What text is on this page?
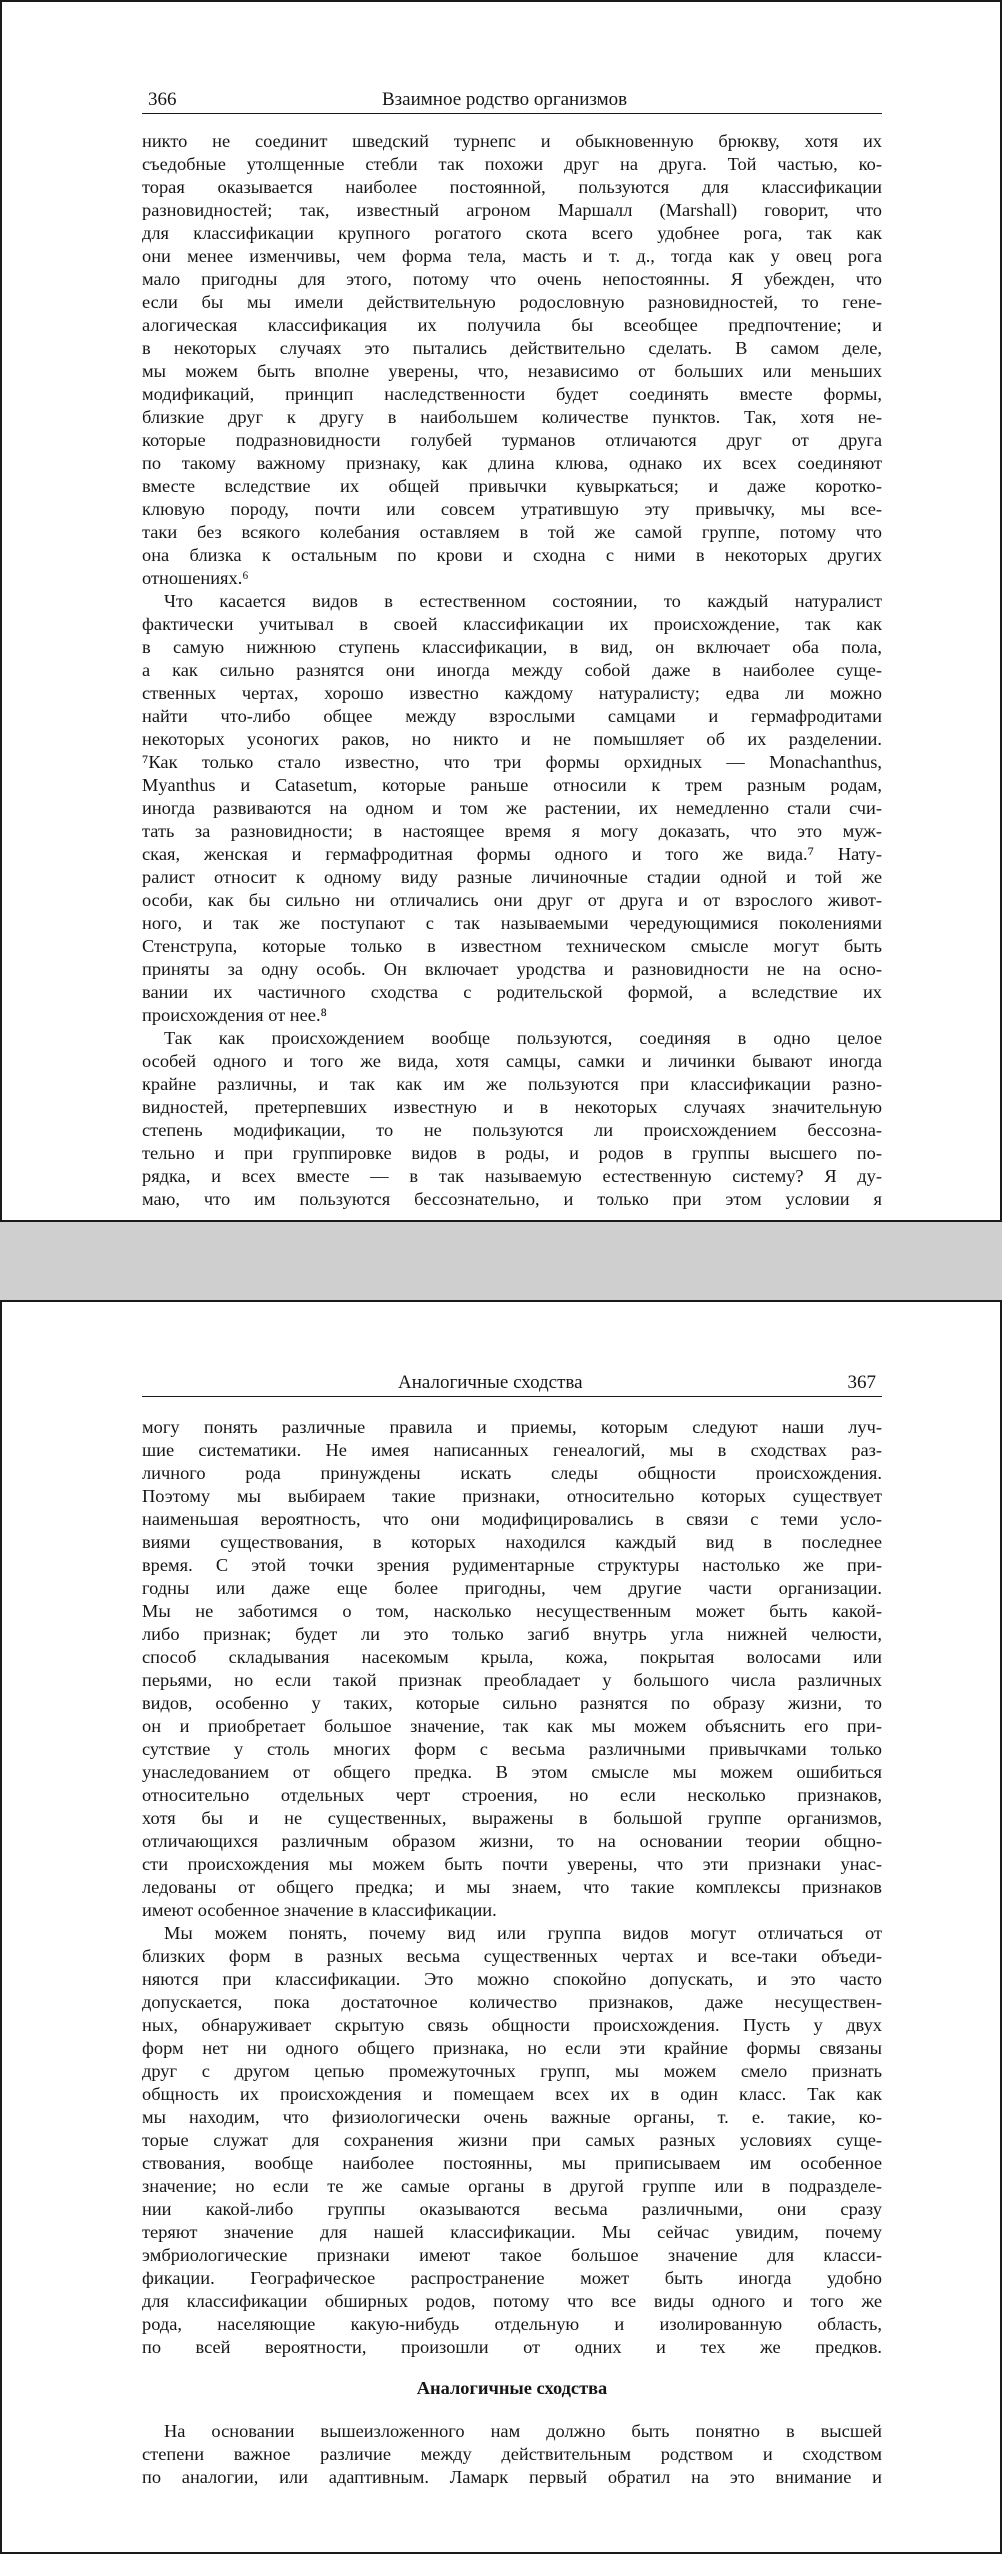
366	Взаимное родство организмов
никто не соединит шведский турнепс и обыкновенную брюкву, хотя их
съедобные утолщенные стебли так похожи друг на друга. Той частью, ко-
торая оказывается наиболее постоянной, пользуются для классификации
разновидностей; так, известный агроном Маршалл (Marshall) говорит, что
для классификации крупного рогатого скота всего удобнее рога, так как
они менее изменчивы, чем форма тела, масть и т. д., тогда как у овец рога
мало пригодны для этого, потому что очень непостоянны. Я убежден, что
если бы мы имели действительную родословную разновидностей, то гене-
алогическая классификация их получила бы всеобщее предпочтение; и
в некоторых случаях это пытались действительно сделать. В самом деле,
мы можем быть вполне уверены, что, независимо от больших или меньших
модификаций, принцип наследственности будет соединять вместе формы,
близкие друг к другу в наибольшем количестве пунктов. Так, хотя не-
которые подразновидности голубей турманов отличаются друг от друга
по такому важному признаку, как длина клюва, однако их всех соединяют
вместе вследствие их общей привычки кувыркаться; и даже коротко-
клювую породу, почти или совсем утратившую эту привычку, мы все-
таки без всякого колебания оставляем в той же самой группе, потому что
она близка к остальным по крови и сходна с ними в некоторых других
отношениях.⁶
Что касается видов в естественном состоянии, то каждый натуралист
фактически учитывал в своей классификации их происхождение, так как
в самую нижнюю ступень классификации, в вид, он включает оба пола,
а как сильно разнятся они иногда между собой даже в наиболее суще-
ственных чертах, хорошо известно каждому натуралисту; едва ли можно
найти что-либо общее между взрослыми самцами и гермафродитами
некоторых усоногих раков, но никто и не помышляет об их разделении.
⁷Как только стало известно, что три формы орхидных — Monachanthus,
Myanthus и Catasetum, которые раньше относили к трем разным родам,
иногда развиваются на одном и том же растении, их немедленно стали счи-
тать за разновидности; в настоящее время я могу доказать, что это муж-
ская, женская и гермафродитная формы одного и того же вида.⁷ Нату-
ралист относит к одному виду разные личиночные стадии одной и той же
особи, как бы сильно ни отличались они друг от друга и от взрослого живот-
ного, и так же поступают с так называемыми чередующимися поколениями
Стенструпа, которые только в известном техническом смысле могут быть
приняты за одну особь. Он включает уродства и разновидности не на осно-
вании их частичного сходства с родительской формой, а вследствие их
происхождения от нее.⁸
Так как происхождением вообще пользуются, соединяя в одно целое
особей одного и того же вида, хотя самцы, самки и личинки бывают иногда
крайне различны, и так как им же пользуются при классификации разно-
видностей, претерпевших известную и в некоторых случаях значительную
степень модификации, то не пользуются ли происхождением бессозна-
тельно и при группировке видов в роды, и родов в группы высшего по-
рядка, и всех вместе — в так называемую естественную систему? Я ду-
маю, что им пользуются бессознательно, и только при этом условии я
Аналогичные сходства	367
могу понять различные правила и приемы, которым следуют наши луч-
шие систематики. Не имея написанных генеалогий, мы в сходствах раз-
личного рода принуждены искать следы общности происхождения.
Поэтому мы выбираем такие признаки, относительно которых существует
наименьшая вероятность, что они модифицировались в связи с теми усло-
виями существования, в которых находился каждый вид в последнее
время. С этой точки зрения рудиментарные структуры настолько же при-
годны или даже еще более пригодны, чем другие части организации.
Мы не заботимся о том, насколько несущественным может быть какой-
либо признак; будет ли это только загиб внутрь угла нижней челюсти,
способ складывания насекомым крыла, кожа, покрытая волосами или
перьями, но если такой признак преобладает у большого числа различных
видов, особенно у таких, которые сильно разнятся по образу жизни, то
он и приобретает большое значение, так как мы можем объяснить его при-
сутствие у столь многих форм с весьма различными привычками только
унаследованием от общего предка. В этом смысле мы можем ошибиться
относительно отдельных черт строения, но если несколько признаков,
хотя бы и не существенных, выражены в большой группе организмов,
отличающихся различным образом жизни, то на основании теории общно-
сти происхождения мы можем быть почти уверены, что эти признаки унас-
ледованы от общего предка; и мы знаем, что такие комплексы признаков
имеют особенное значение в классификации.
Мы можем понять, почему вид или группа видов могут отличаться от
близких форм в разных весьма существенных чертах и все-таки объеди-
няются при классификации. Это можно спокойно допускать, и это часто
допускается, пока достаточное количество признаков, даже несуществен-
ных, обнаруживает скрытую связь общности происхождения. Пусть у двух
форм нет ни одного общего признака, но если эти крайние формы связаны
друг с другом цепью промежуточных групп, мы можем смело признать
общность их происхождения и помещаем всех их в один класс. Так как
мы находим, что физиологически очень важные органы, т. е. такие, ко-
торые служат для сохранения жизни при самых разных условиях суще-
ствования, вообще наиболее постоянны, мы приписываем им особенное
значение; но если те же самые органы в другой группе или в подразделе-
нии какой-либо группы оказываются весьма различными, они сразу
теряют значение для нашей классификации. Мы сейчас увидим, почему
эмбриологические признаки имеют такое большое значение для класси-
фикации. Географическое распространение может быть иногда удобно
для классификации обширных родов, потому что все виды одного и того же
рода, населяющие какую-нибудь отдельную и изолированную область,
по всей вероятности, произошли от одних и тех же предков.
Аналогичные сходства
На основании вышеизложенного нам должно быть понятно в высшей
степени важное различие между действительным родством и сходством
по аналогии, или адаптивным. Ламарк первый обратил на это внимание и
